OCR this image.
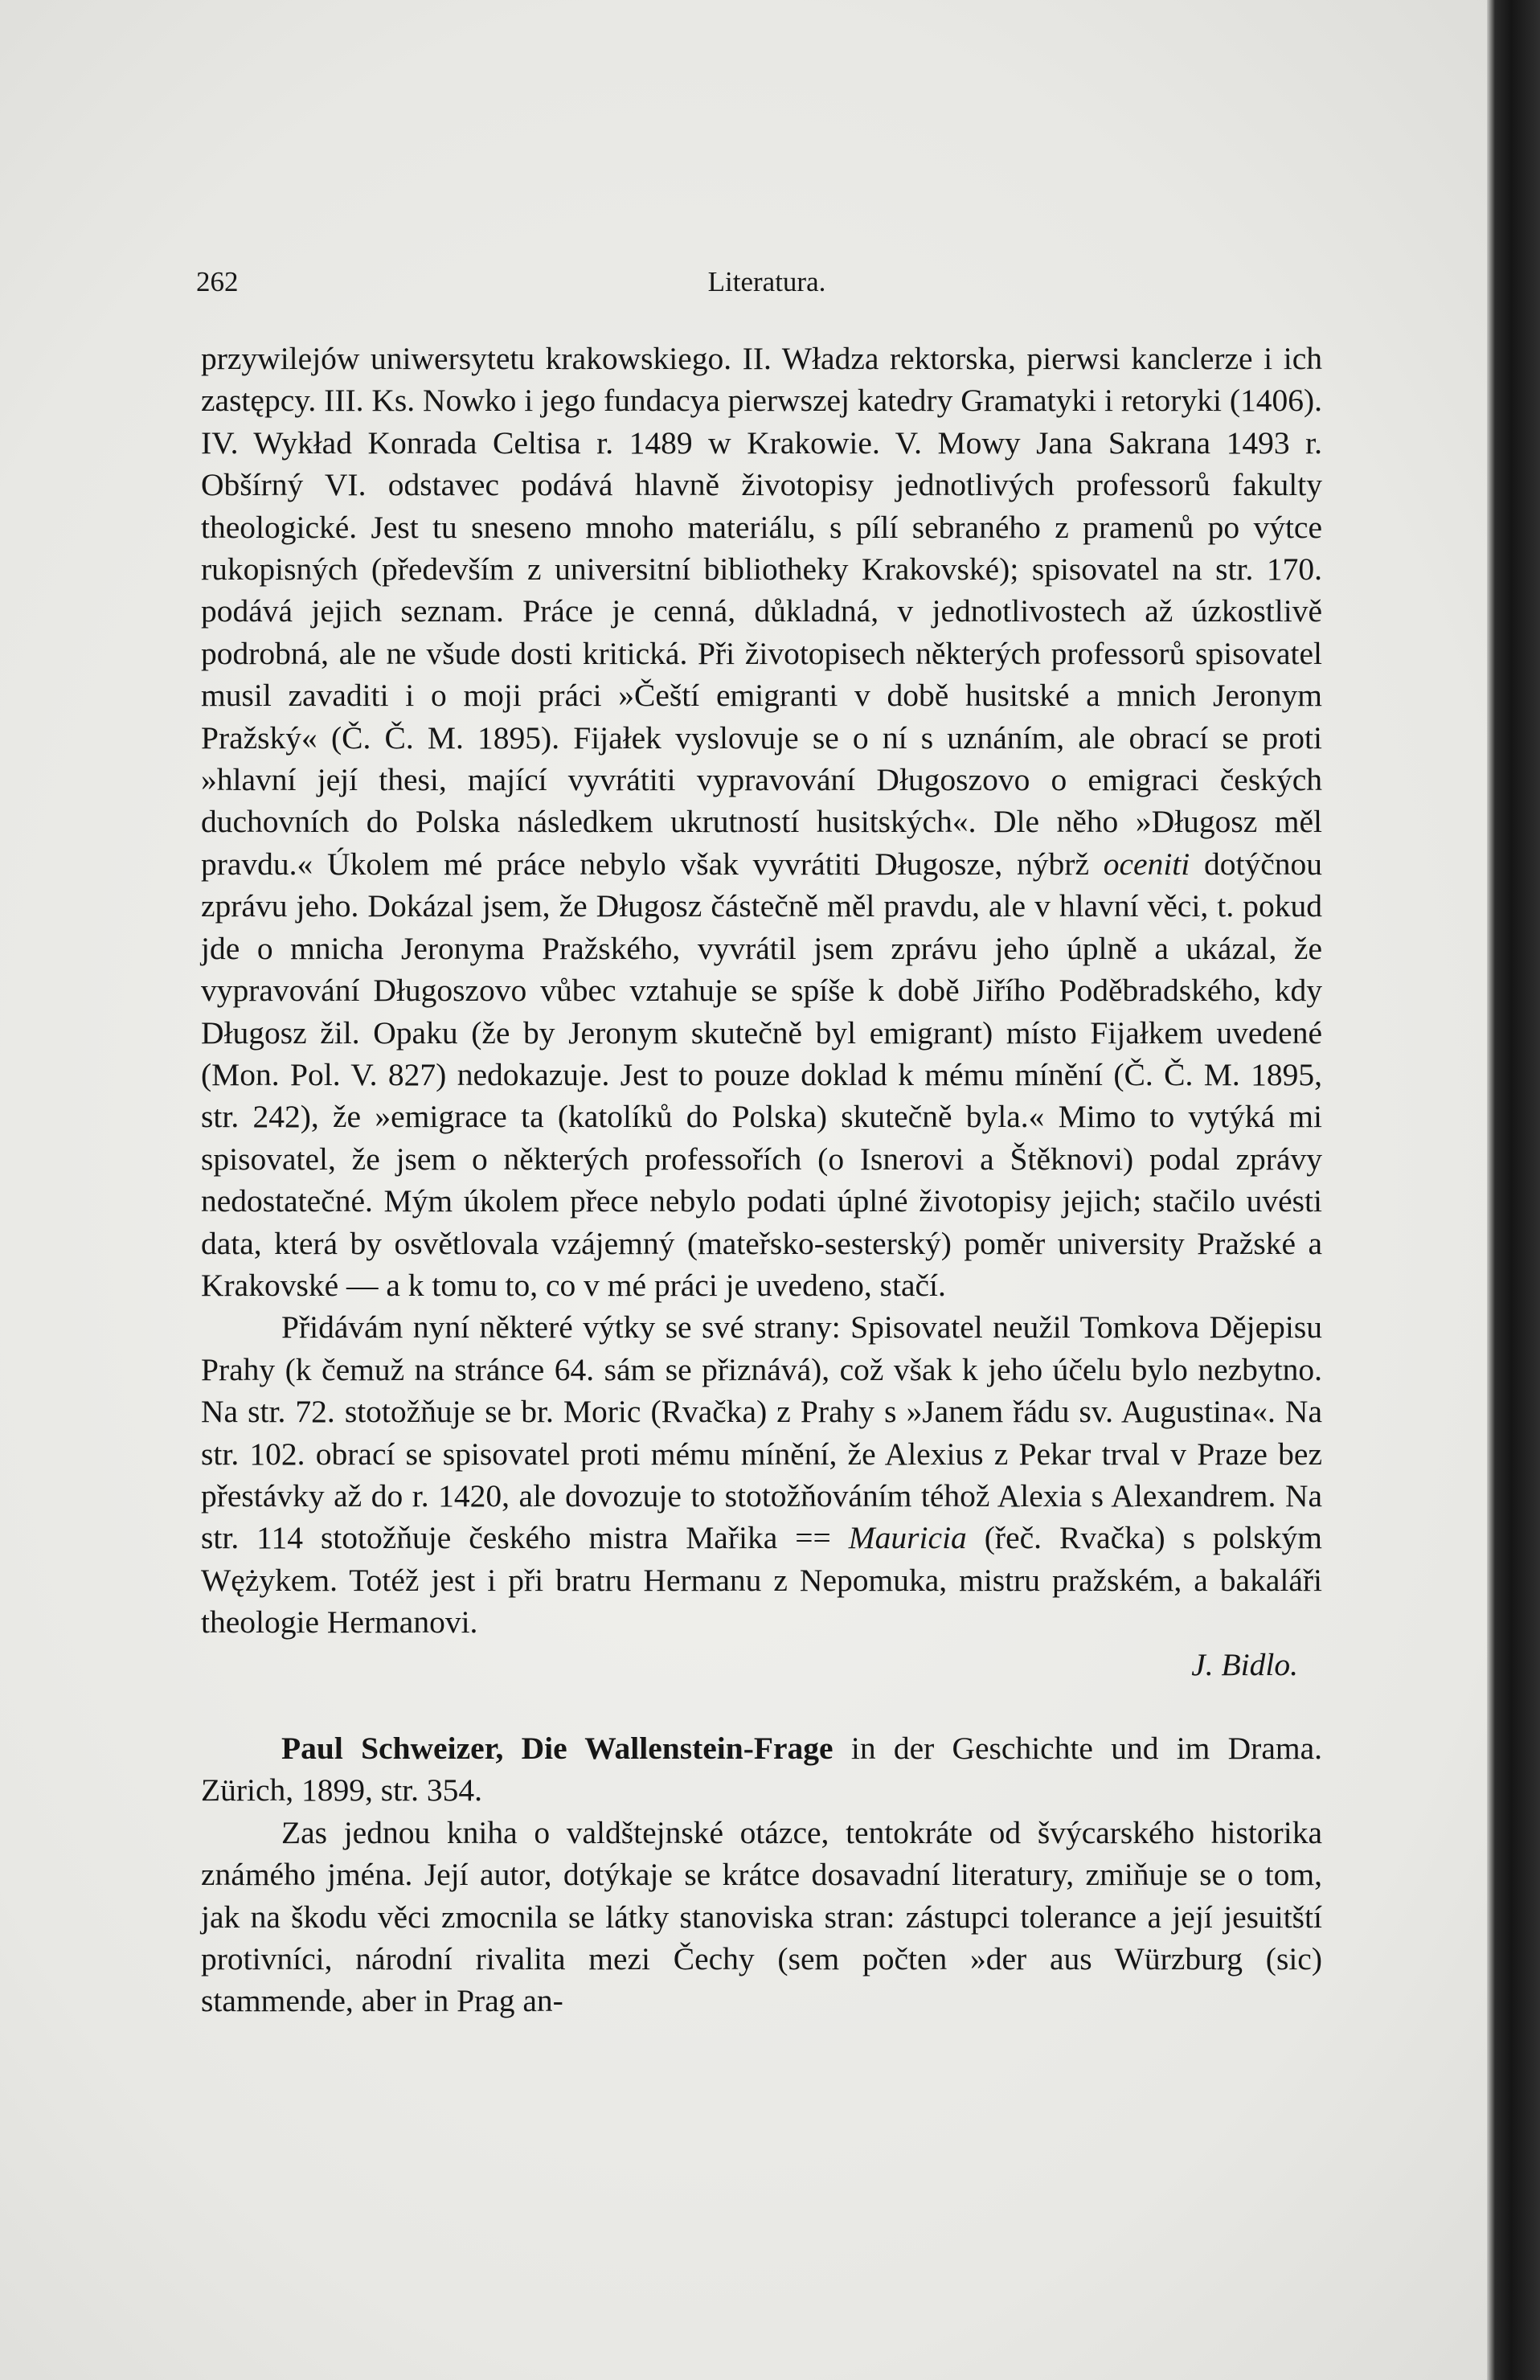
262	Literatura.

przywilejów uniwersytetu krakowskiego. II. Władza rektorska, pierwsi kanclerze i ich zastępcy. III. Ks. Nowko i jego fundacya pierwszej katedry Gramatyki i retoryki (1406). IV. Wykład Konrada Celtisa r. 1489 w Krakowie. V. Mowy Jana Sakrana 1493 r. Obšírný VI. odstavec podává hlavně životopisy jednotlivých professorů fakulty theologické. Jest tu sneseno mnoho materiálu, s pílí sebraného z pramenů po výtce rukopisných (především z universitní bibliotheky Krakovské); spisovatel na str. 170. podává jejich seznam. Práce je cenná, důkladná, v jednotlivostech až úzkostlivě podrobná, ale ne všude dosti kritická. Při životopisech některých professorů spisovatel musil zavaditi i o moji práci »Čeští emigranti v době husitské a mnich Jeronym Pražský« (Č. Č. M. 1895). Fijałek vyslovuje se o ní s uznáním, ale obrací se proti »hlavní její thesi, mající vyvrátiti vypravování Długoszovo o emigraci českých duchovních do Polska následkem ukrutností husitských«. Dle něho »Długosz měl pravdu.« Úkolem mé práce nebylo však vyvrátiti Długosze, nýbrž oceniti dotýčnou zprávu jeho. Dokázal jsem, že Długosz částečně měl pravdu, ale v hlavní věci, t. pokud jde o mnicha Jeronyma Pražského, vyvrátil jsem zprávu jeho úplně a ukázal, že vypravování Długoszovo vůbec vztahuje se spíše k době Jiřího Poděbradského, kdy Długosz žil. Opaku (že by Jeronym skutečně byl emigrant) místo Fijałkem uvedené (Mon. Pol. V. 827) nedokazuje. Jest to pouze doklad k mému mínění (Č. Č. M. 1895, str. 242), že »emigrace ta (katolíků do Polska) skutečně byla.« Mimo to vytýká mi spisovatel, že jsem o některých professořích (o Isnerovi a Štěknovi) podal zprávy nedostatečné. Mým úkolem přece nebylo podati úplné životopisy jejich; stačilo uvésti data, která by osvětlovala vzájemný (mateřsko-sesterský) poměr university Pražské a Krakovské — a k tomu to, co v mé práci je uvedeno, stačí.

Přidávám nyní některé výtky se své strany: Spisovatel neužil Tomkova Dějepisu Prahy (k čemuž na stránce 64. sám se přiznává), což však k jeho účelu bylo nezbytno. Na str. 72. stotožňuje se br. Moric (Rvačka) z Prahy s »Janem řádu sv. Augustina«. Na str. 102. obrací se spisovatel proti mému mínění, že Alexius z Pekar trval v Praze bez přestávky až do r. 1420, ale dovozuje to stotožňováním téhož Alexia s Alexandrem. Na str. 114 stotožňuje českého mistra Mařika == Mauricia (řeč. Rvačka) s polským Wężykem. Totéž jest i při bratru Hermanu z Nepomuka, mistru pražském, a bakaláři theologie Hermanovi.

J. Bidlo.

Paul Schweizer, Die Wallenstein-Frage in der Geschichte und im Drama. Zürich, 1899, str. 354.

Zas jednou kniha o valdštejnské otázce, tentokráte od švýcarského historika známého jména. Její autor, dotýkaje se krátce dosavadní literatury, zmiňuje se o tom, jak na škodu věci zmocnila se látky stanoviska stran: zástupci tolerance a její jesuitští protivníci, národní rivalita mezi Čechy (sem počten »der aus Würzburg (sic) stammende, aber in Prag an-
